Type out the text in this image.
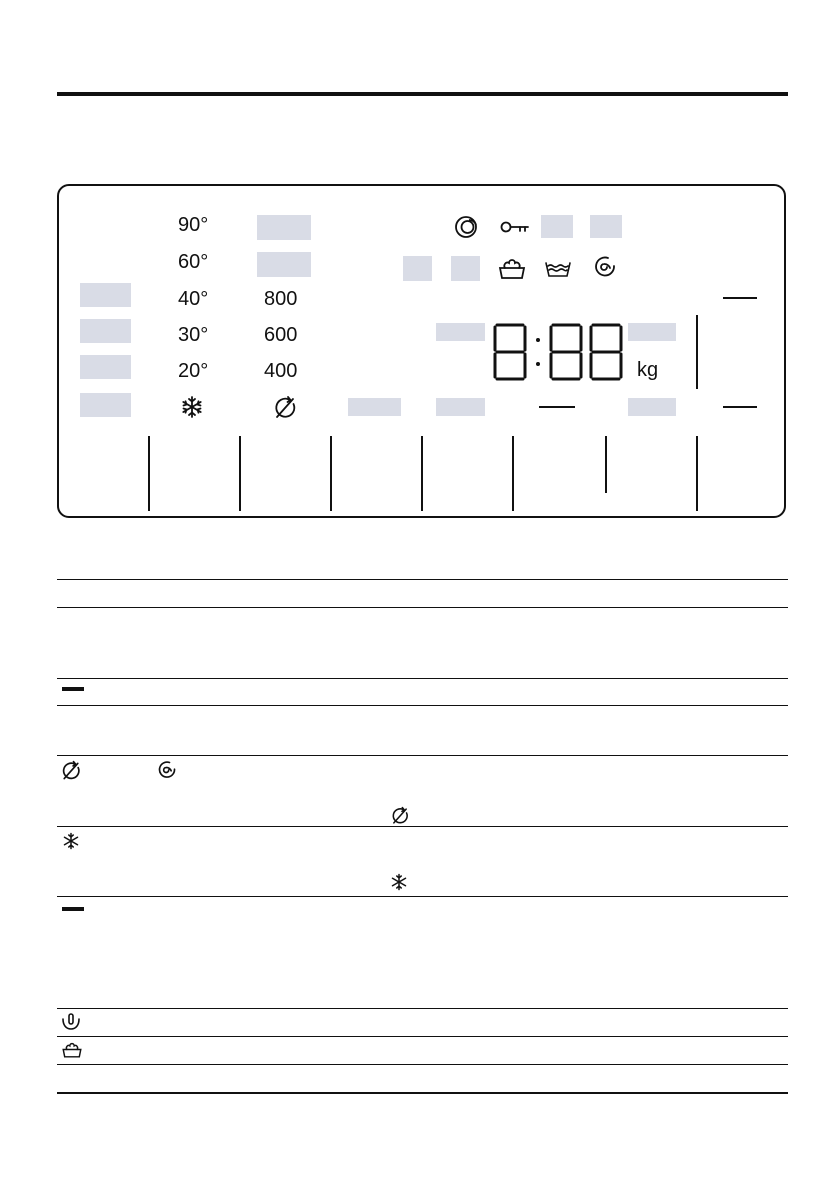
90°
60°
40°
30°
20°
800
600
400	kg
